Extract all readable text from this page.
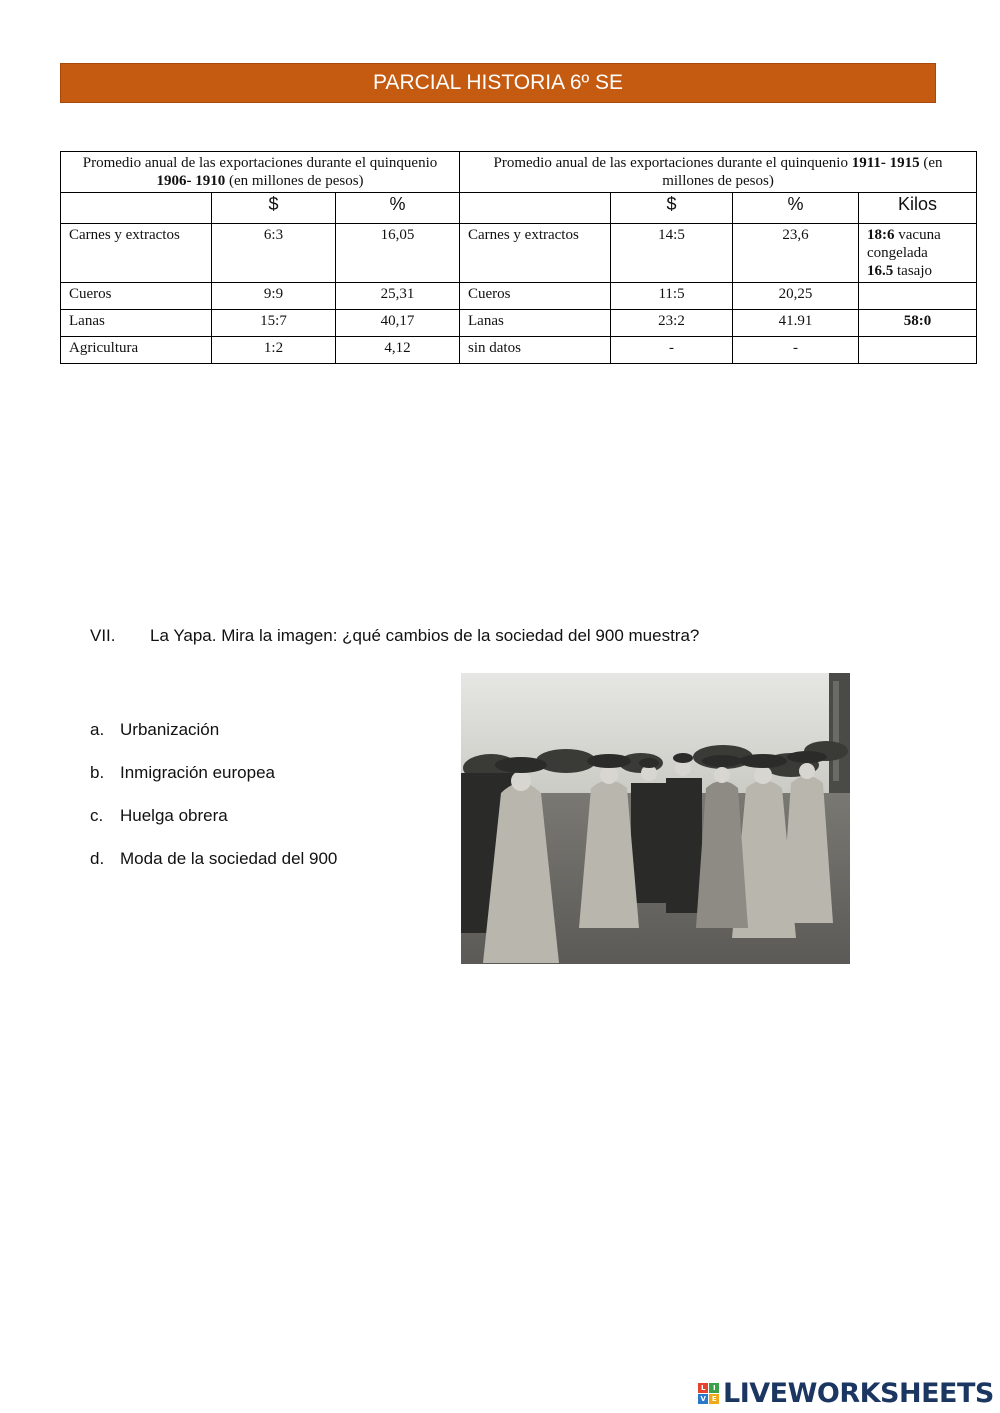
PARCIAL HISTORIA 6º SE
Promedio anual de las exportaciones durante el quinquenio 1906- 1910 (en millones de pesos)			Promedio anual de las exportaciones durante el quinquenio 1911- 1915 (en millones de pesos)			
	$	%		$	%	Kilos
Carnes y extractos	6:3	16,05	Carnes y extractos	14:5	23,6	18:6 vacuna congelada
16.5 tasajo
Cueros	9:9	25,31	Cueros	11:5	20,25	
Lanas	15:7	40,17	Lanas	23:2	41.91	58:0
Agricultura	1:2	4,12	sin datos	-	-	
VII. La Yapa. Mira la imagen: ¿qué cambios de la sociedad del 900 muestra?
a. Urbanización
b. Inmigración europea
c. Huelga obrera
d. Moda de la sociedad del 900
L	I
V E LIVEWORKSHEETS
